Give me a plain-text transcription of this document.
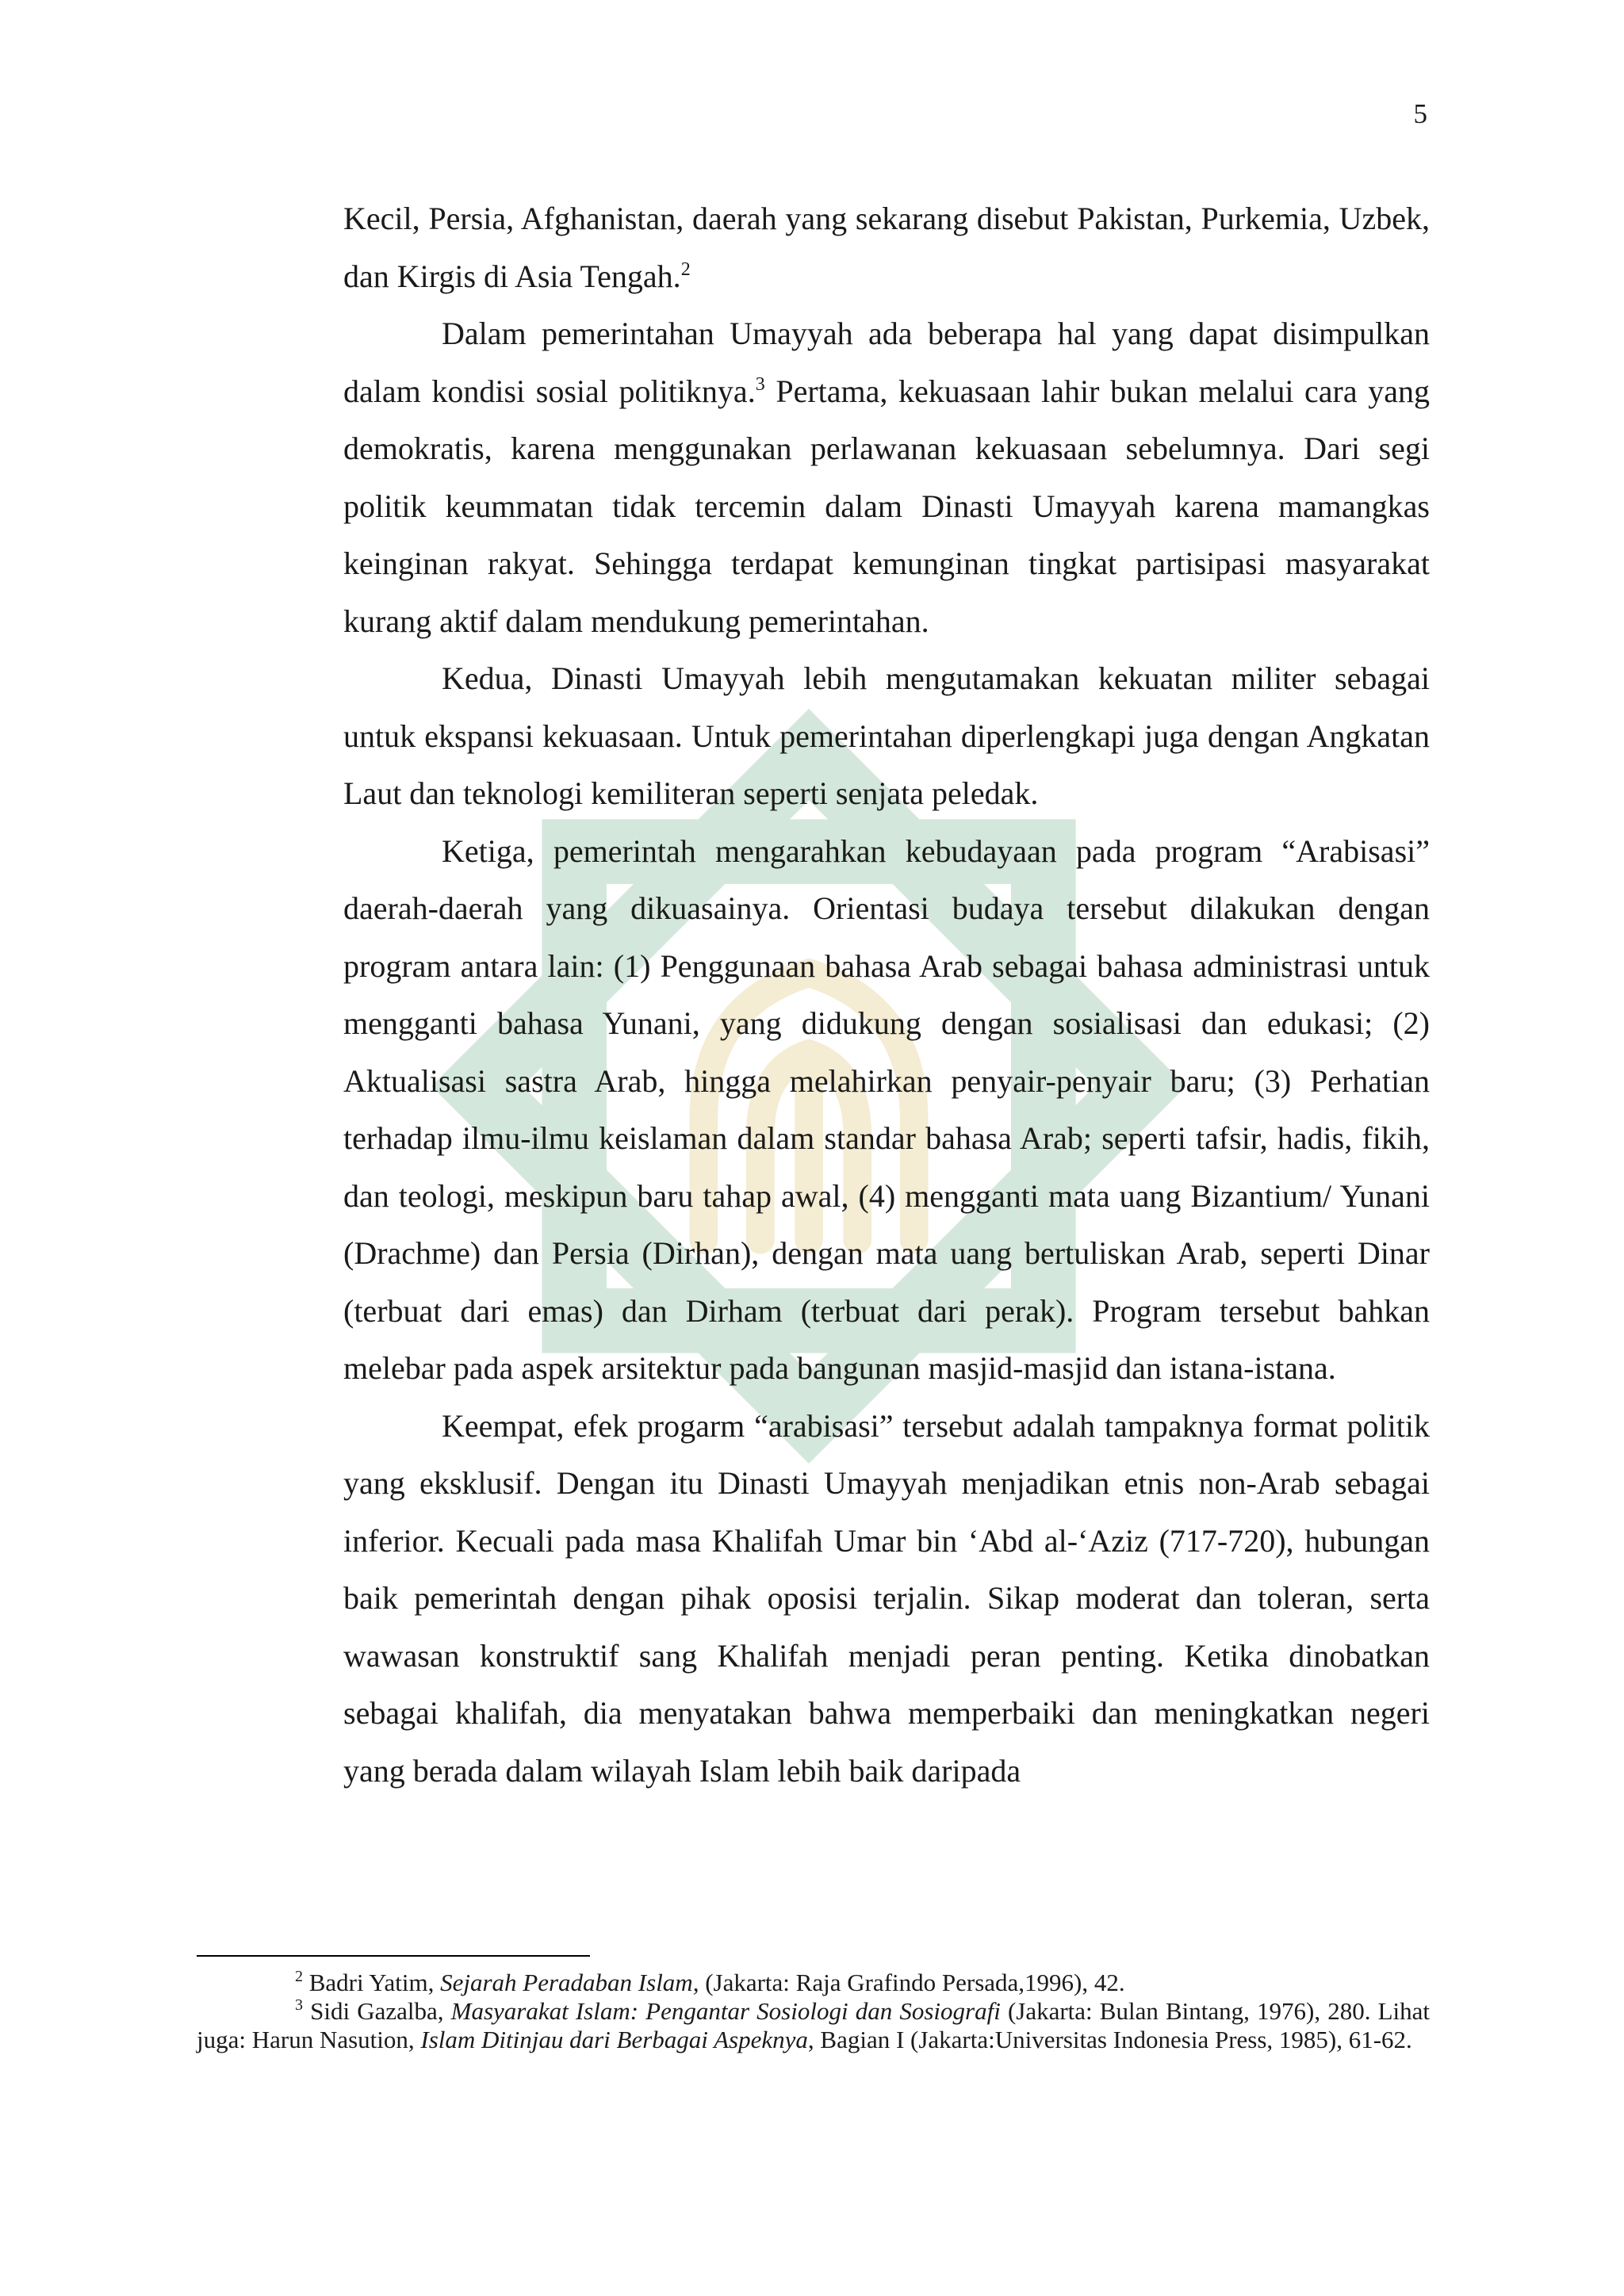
5

Kecil, Persia, Afghanistan, daerah yang sekarang disebut Pakistan, Purkemia, Uzbek, dan Kirgis di Asia Tengah.$^2$

Dalam pemerintahan Umayyah ada beberapa hal yang dapat disimpulkan dalam kondisi sosial politiknya.$^3$ Pertama, kekuasaan lahir bukan melalui cara yang demokratis, karena menggunakan perlawanan kekuasaan sebelumnya. Dari segi politik keummatan tidak tercemin dalam Dinasti Umayyah karena mamangkas keinginan rakyat. Sehingga terdapat kemunginan tingkat partisipasi masyarakat kurang aktif dalam mendukung pemerintahan.

Kedua, Dinasti Umayyah lebih mengutamakan kekuatan militer sebagai untuk ekspansi kekuasaan. Untuk pemerintahan diperlengkapi juga dengan Angkatan Laut dan teknologi kemiliteran seperti senjata peledak.

Ketiga, pemerintah mengarahkan kebudayaan pada program “Arabisasi” daerah-daerah yang dikuasainya. Orientasi budaya tersebut dilakukan dengan program antara lain: (1) Penggunaan bahasa Arab sebagai bahasa administrasi untuk mengganti bahasa Yunani, yang didukung dengan sosialisasi dan edukasi; (2) Aktualisasi sastra Arab, hingga melahirkan penyair-penyair baru; (3) Perhatian terhadap ilmu-ilmu keislaman dalam standar bahasa Arab; seperti tafsir, hadis, fikih, dan teologi, meskipun baru tahap awal, (4) mengganti mata uang Bizantium/ Yunani (Drachme) dan Persia (Dirhan), dengan mata uang bertuliskan Arab, seperti Dinar (terbuat dari emas) dan Dirham (terbuat dari perak). Program tersebut bahkan melebar pada aspek arsitektur pada bangunan masjid-masjid dan istana-istana.

Keempat, efek progarm “arabisasi” tersebut adalah tampaknya format politik yang eksklusif. Dengan itu Dinasti Umayyah menjadikan etnis non-Arab sebagai inferior. Kecuali pada masa Khalifah Umar bin ‘Abd al-‘Aziz (717-720), hubungan baik pemerintah dengan pihak oposisi terjalin. Sikap moderat dan toleran, serta wawasan konstruktif sang Khalifah menjadi peran penting. Ketika dinobatkan sebagai khalifah, dia menyatakan bahwa memperbaiki dan meningkatkan negeri yang berada dalam wilayah Islam lebih baik daripada

$^2$ Badri Yatim, Sejarah Peradaban Islam, (Jakarta: Raja Grafindo Persada,1996), 42.

$^3$ Sidi Gazalba, Masyarakat Islam: Pengantar Sosiologi dan Sosiografi (Jakarta: Bulan Bintang, 1976), 280. Lihat juga: Harun Nasution, Islam Ditinjau dari Berbagai Aspeknya, Bagian I (Jakarta:Universitas Indonesia Press, 1985), 61-62.
